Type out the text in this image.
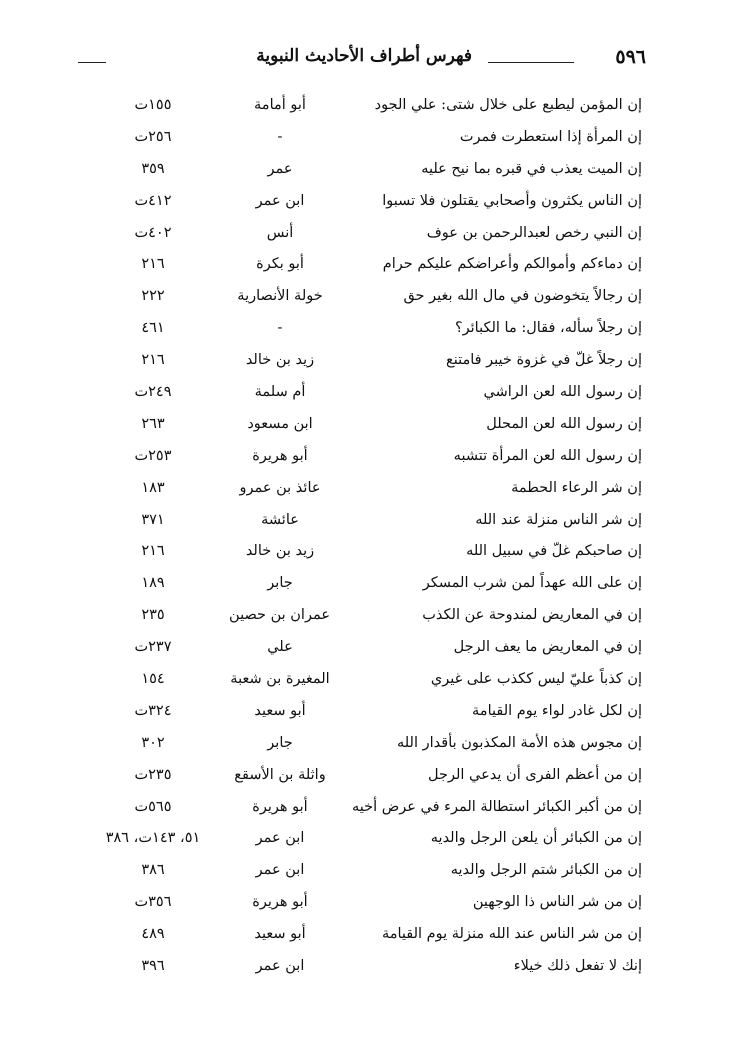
٥٩٦
فهرس أطراف الأحاديث النبوية
إن المؤمن ليطبع على خلال شتى: علي الجود
أبو أمامة
١٥٥ت
إن المرأة إذا استعطرت فمرت
-
٢٥٦ت
إن الميت يعذب في قبره بما نيح عليه
عمر
٣٥٩
إن الناس يكثرون وأصحابي يقتلون فلا تسبوا
ابن عمر
٤١٢ت
إن النبي رخص لعبدالرحمن بن عوف
أنس
٤٠٢ت
إن دماءكم وأموالكم وأعراضكم عليكم حرام
أبو بكرة
٢١٦
إن رجالاً يتخوضون في مال الله بغير حق
خولة الأنصارية
٢٢٢
إن رجلاً سأله، فقال: ما الكبائر؟
-
٤٦١
إن رجلاً غلّ في غزوة خيبر فامتنع
زيد بن خالد
٢١٦
إن رسول الله لعن الراشي
أم سلمة
٢٤٩ت
إن رسول الله لعن المحلل
ابن مسعود
٢٦٣
إن رسول الله لعن المرأة تتشبه
أبو هريرة
٢٥٣ت
إن شر الرعاء الحطمة
عائذ بن عمرو
١٨٣
إن شر الناس منزلة عند الله
عائشة
٣٧١
إن صاحبكم غلّ في سبيل الله
زيد بن خالد
٢١٦
إن على الله عهداً لمن شرب المسكر
جابر
١٨٩
إن في المعاريض لمندوحة عن الكذب
عمران بن حصين
٢٣٥
إن في المعاريض ما يعف الرجل
علي
٢٣٧ت
إن كذباً عليّ ليس ككذب على غيري
المغيرة بن شعبة
١٥٤
إن لكل غادر لواء يوم القيامة
أبو سعيد
٣٢٤ت
إن مجوس هذه الأمة المكذبون بأقدار الله
جابر
٣٠٢
إن من أعظم الفرى أن يدعي الرجل
واثلة بن الأسقع
٢٣٥ت
إن من أكبر الكبائر استطالة المرء في عرض أخيه
أبو هريرة
٥٦٥ت
إن من الكبائر أن يلعن الرجل والديه
ابن عمر
٥١، ١٤٣ت، ٣٨٦
إن من الكبائر شتم الرجل والديه
ابن عمر
٣٨٦
إن من شر الناس ذا الوجهين
أبو هريرة
٣٥٦ت
إن من شر الناس عند الله منزلة يوم القيامة
أبو سعيد
٤٨٩
إنك لا تفعل ذلك خيلاء
ابن عمر
٣٩٦
